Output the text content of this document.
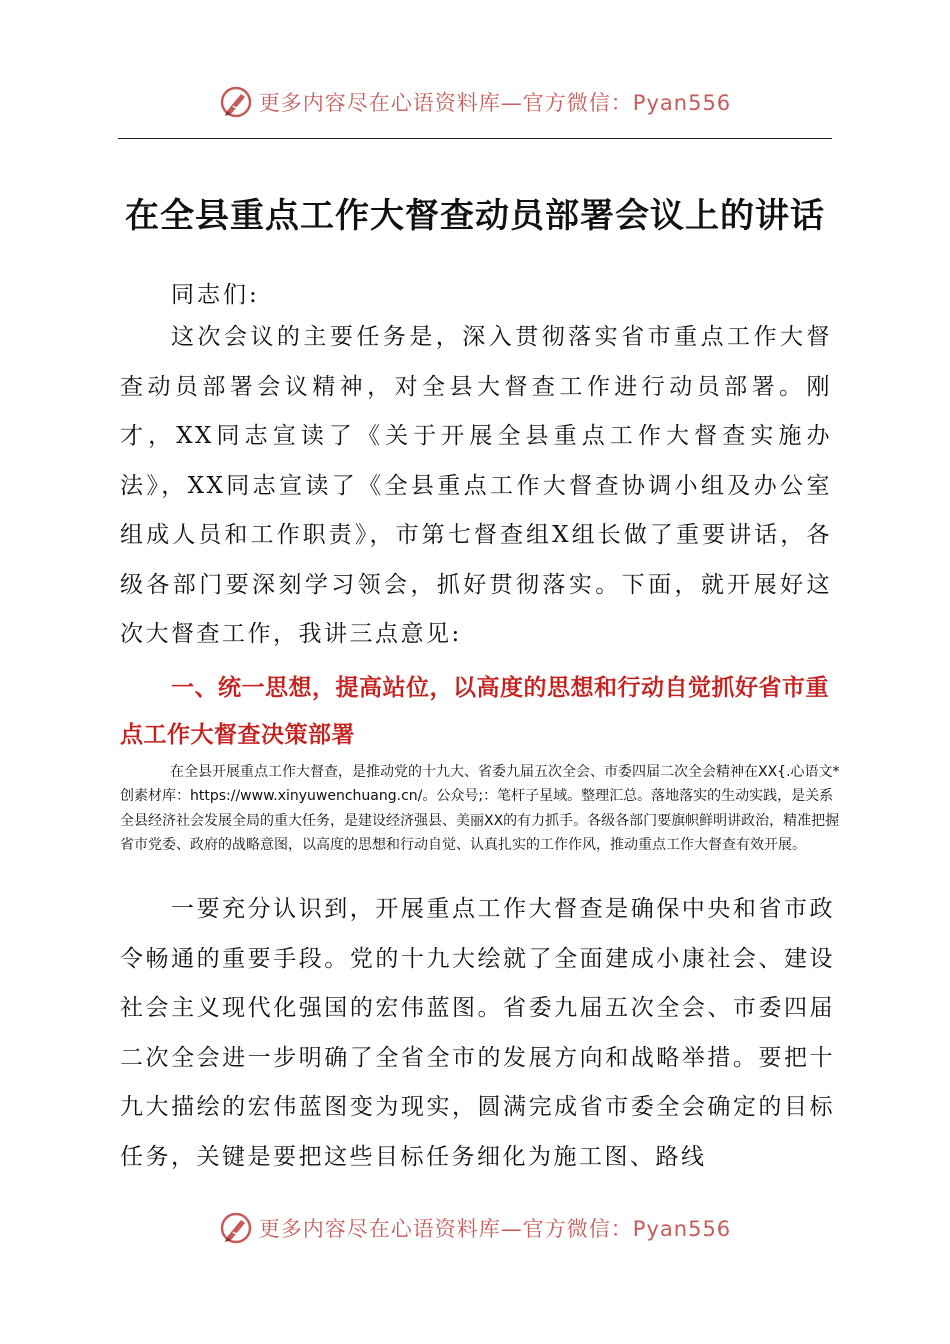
更多内容尽在心语资料库—官方微信：Pyan556
在全县重点工作大督查动员部署会议上的讲话

同志们:

这次会议的主要任务是，深入贯彻落实省市重点工作大督查动员部署会议精神，对全县大督查工作进行动员部署。刚才，XX同志宣读了《关于开展全县重点工作大督查实施办法》，XX同志宣读了《全县重点工作大督查协调小组及办公室组成人员和工作职责》，市第七督查组X组长做了重要讲话，各级各部门要深刻学习领会，抓好贯彻落实。下面，就开展好这次大督查工作，我讲三点意见:

一、统一思想，提高站位，以高度的思想和行动自觉抓好省市重点工作大督查决策部署

在全县开展重点工作大督查，是推动党的十九大、省委九届五次全会、市委四届二次全会精神在XX{.心语文*创素材库：https://www.xinyuwenchuang.cn/。公众号;：笔杆子星域。整理汇总。落地落实的生动实践，是关系全县经济社会发展全局的重大任务，是建设经济强县、美丽XX的有力抓手。各级各部门要旗帜鲜明讲政治，精准把握省市党委、政府的战略意图，以高度的思想和行动自觉、认真扎实的工作作风，推动重点工作大督查有效开展。

一要充分认识到，开展重点工作大督查是确保中央和省市政令畅通的重要手段。党的十九大绘就了全面建成小康社会、建设社会主义现代化强国的宏伟蓝图。省委九届五次全会、市委四届二次全会进一步明确了全省全市的发展方向和战略举措。要把十九大描绘的宏伟蓝图变为现实，圆满完成省市委全会确定的目标任务，关键是要把这些目标任务细化为施工图、路线

更多内容尽在心语资料库—官方微信：Pyan556
